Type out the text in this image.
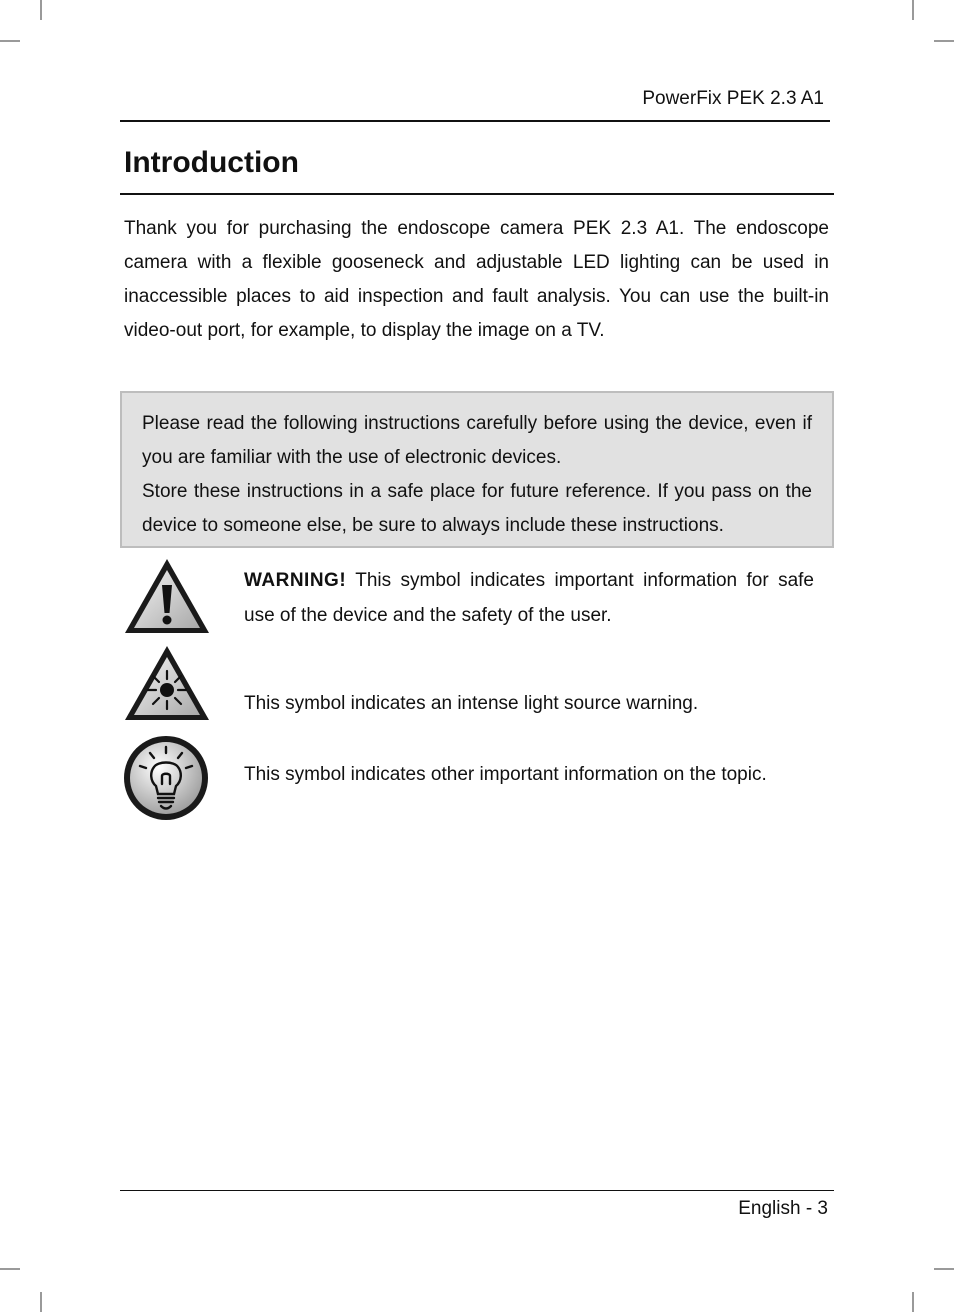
PowerFix PEK 2.3 A1
Introduction
Thank you for purchasing the endoscope camera PEK 2.3 A1. The endoscope camera with a flexible gooseneck and adjustable LED lighting can be used in inaccessible places to aid inspection and fault analysis. You can use the built-in video-out port, for example, to display the image on a TV.

Please read the following instructions carefully before using the device, even if you are familiar with the use of electronic devices.

Store these instructions in a safe place for future reference. If you pass on the device to someone else, be sure to always include these instructions.

WARNING! This symbol indicates important information for safe use of the device and the safety of the user.
This symbol indicates an intense light source warning.
This symbol indicates other important information on the topic.
English - 3
